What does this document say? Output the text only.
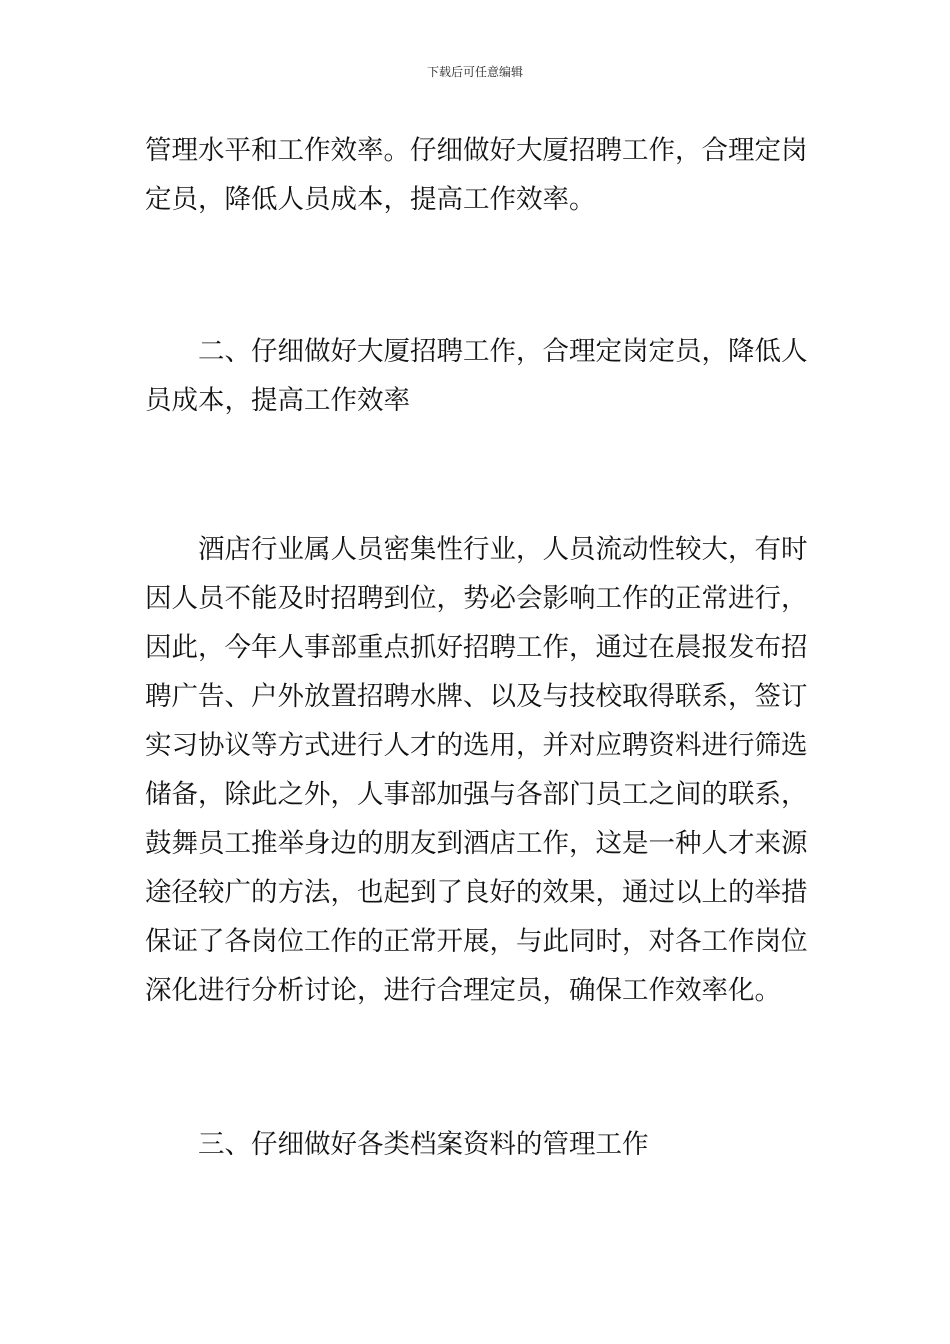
下载后可任意编辑
管理水平和工作效率。仔细做好大厦招聘工作，合理定岗
定员，降低人员成本，提高工作效率。
二、仔细做好大厦招聘工作，合理定岗定员，降低人
员成本，提高工作效率
酒店行业属人员密集性行业，人员流动性较大，有时
因人员不能及时招聘到位，势必会影响工作的正常进行，
因此，今年人事部重点抓好招聘工作，通过在晨报发布招
聘广告、户外放置招聘水牌、以及与技校取得联系，签订
实习协议等方式进行人才的选用，并对应聘资料进行筛选
储备，除此之外，人事部加强与各部门员工之间的联系，
鼓舞员工推举身边的朋友到酒店工作，这是一种人才来源
途径较广的方法，也起到了良好的效果，通过以上的举措
保证了各岗位工作的正常开展，与此同时，对各工作岗位
深化进行分析讨论，进行合理定员，确保工作效率化。
三、仔细做好各类档案资料的管理工作
